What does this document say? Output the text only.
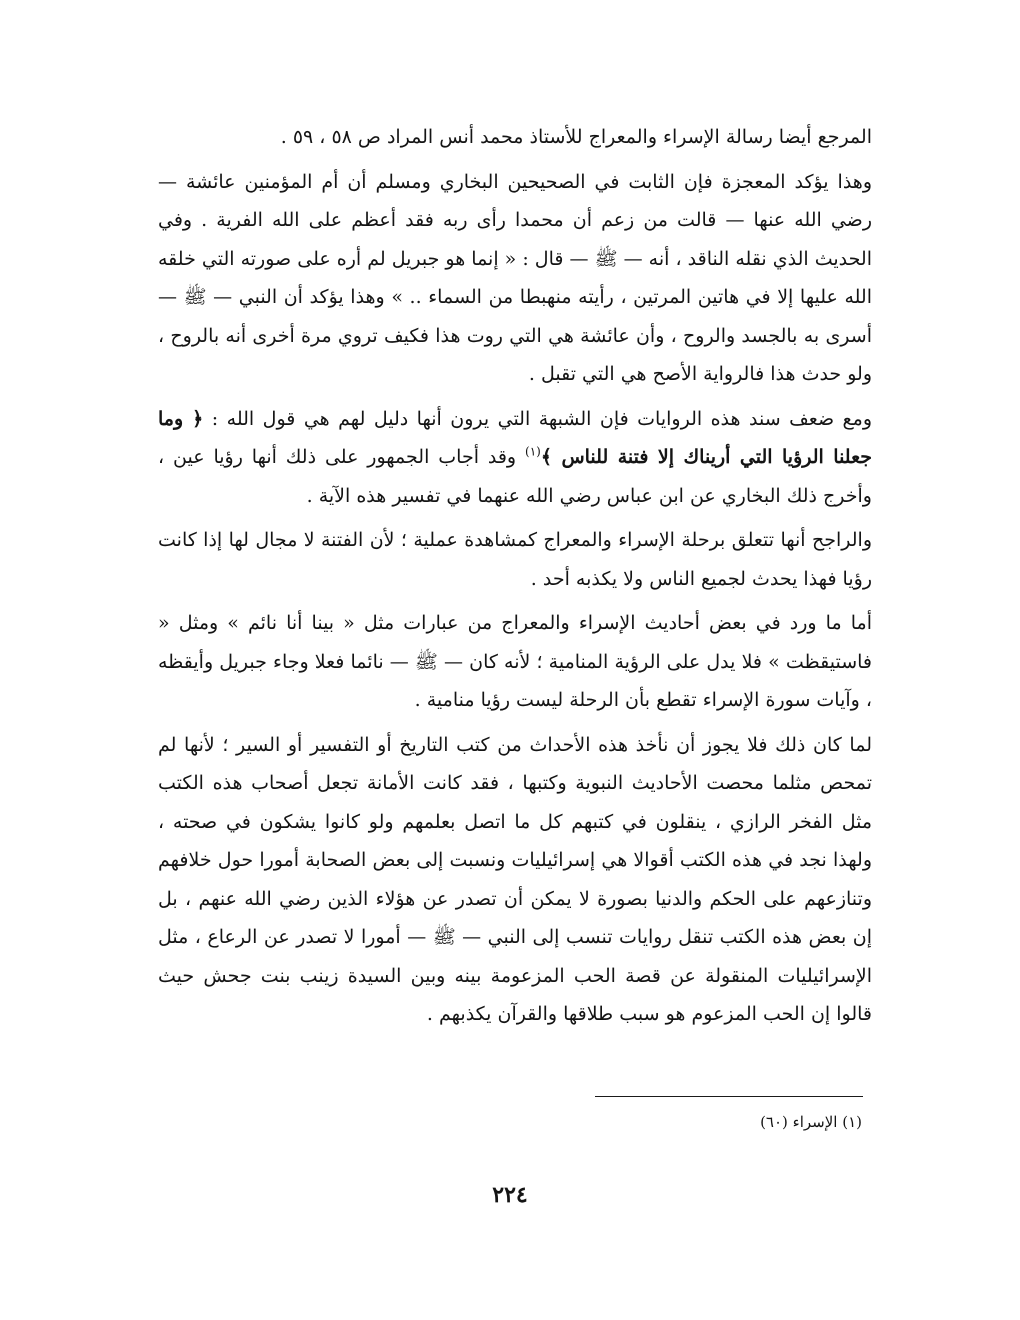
المرجع أيضا رسالة الإسراء والمعراج للأستاذ محمد أنس المراد ص ٥٨ ، ٥٩ .

وهذا يؤكد المعجزة فإن الثابت في الصحيحين البخاري ومسلم أن أم المؤمنين عائشة — رضي الله عنها — قالت من زعم أن محمدا رأى ربه فقد أعظم على الله الفرية . وفي الحديث الذي نقله الناقد ، أنه — ﷺ — قال : « إنما هو جبريل لم أره على صورته التي خلقه الله عليها إلا في هاتين المرتين ، رأيته منهبطا من السماء .. » وهذا يؤكد أن النبي — ﷺ — أسرى به بالجسد والروح ، وأن عائشة هي التي روت هذا فكيف تروي مرة أخرى أنه بالروح ، ولو حدث هذا فالرواية الأصح هي التي تقبل .

ومع ضعف سند هذه الروايات فإن الشبهة التي يرون أنها دليل لهم هي قول الله : ﴿ وما جعلنا الرؤيا التي أريناك إلا فتنة للناس ﴾$^{(١)}$ وقد أجاب الجمهور على ذلك أنها رؤيا عين ، وأخرج ذلك البخاري عن ابن عباس رضي الله عنهما في تفسير هذه الآية .

والراجح أنها تتعلق برحلة الإسراء والمعراج كمشاهدة عملية ؛ لأن الفتنة لا مجال لها إذا كانت رؤيا فهذا يحدث لجميع الناس ولا يكذبه أحد .

أما ما ورد في بعض أحاديث الإسراء والمعراج من عبارات مثل « بينا أنا نائم » ومثل « فاستيقظت » فلا يدل على الرؤية المنامية ؛ لأنه كان — ﷺ — نائما فعلا وجاء جبريل وأيقظه ، وآيات سورة الإسراء تقطع بأن الرحلة ليست رؤيا منامية .

لما كان ذلك فلا يجوز أن نأخذ هذه الأحداث من كتب التاريخ أو التفسير أو السير ؛ لأنها لم تمحص مثلما محصت الأحاديث النبوية وكتبها ، فقد كانت الأمانة تجعل أصحاب هذه الكتب مثل الفخر الرازي ، ينقلون في كتبهم كل ما اتصل بعلمهم ولو كانوا يشكون في صحته ، ولهذا نجد في هذه الكتب أقوالا هي إسرائيليات ونسبت إلى بعض الصحابة أمورا حول خلافهم وتنازعهم على الحكم والدنيا بصورة لا يمكن أن تصدر عن هؤلاء الذين رضي الله عنهم ، بل إن بعض هذه الكتب تنقل روايات تنسب إلى النبي — ﷺ — أمورا لا تصدر عن الرعاع ، مثل الإسرائيليات المنقولة عن قصة الحب المزعومة بينه وبين السيدة زينب بنت جحش حيث قالوا إن الحب المزعوم هو سبب طلاقها والقرآن يكذبهم .

(١) الإسراء (٦٠)
٢٢٤
